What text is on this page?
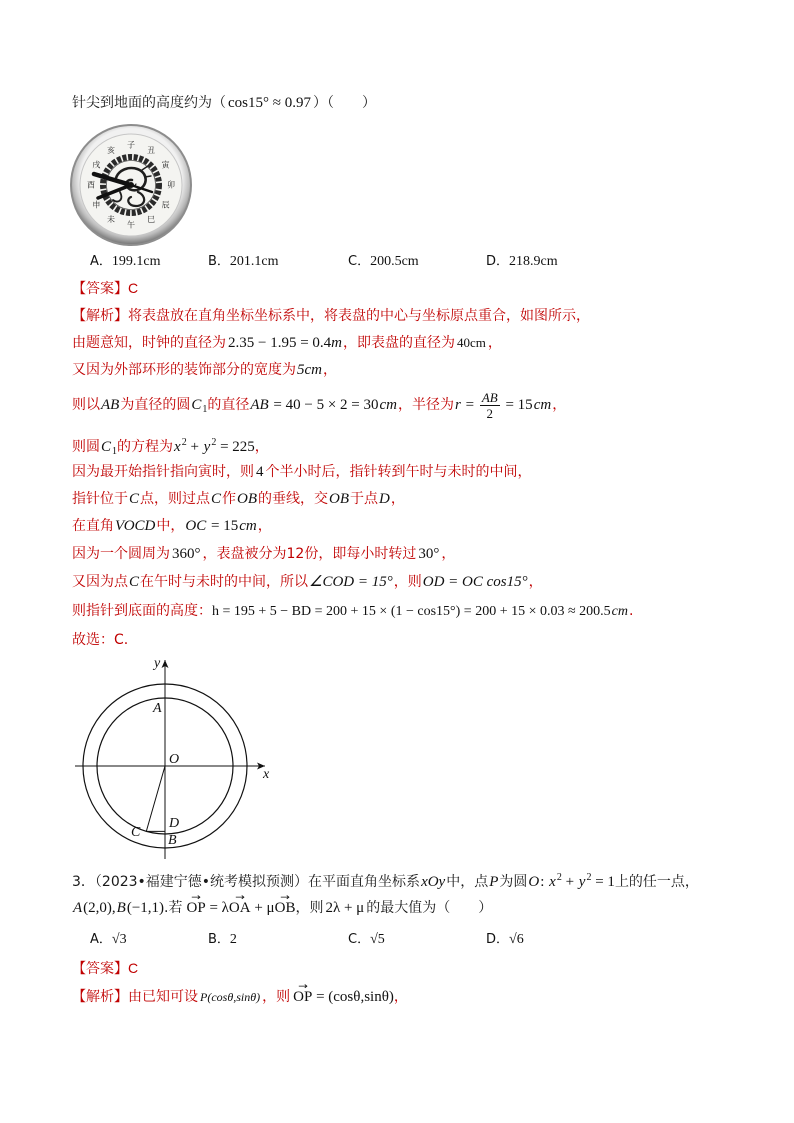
针尖到地面的高度约为（ cos15° ≈ 0.97 ）（　　）
子
丑
寅
卯
辰
巳
午
未
申
酉
戌
亥
A．199.1cm	B．201.1cm	C．200.5cm	D．218.9cm
【答案】C
【解析】将表盘放在直角坐标坐标系中，将表盘的中心与坐标原点重合，如图所示，
由题意知，时钟的直径为 2.35 − 1.95 = 0.4m，即表盘的直径为 40cm ，
又因为外部环形的装饰部分的宽度为5cm，
则以AB为直径的圆$C_1$的直径AB = 40 − 5 × 2 = 30cm，半径为$r = \frac{AB}{2} = 15cm$，
则圆$C_1$的方程为$x^2 + y^2 = 225$，
因为最开始指针指向寅时，则 4 个半小时后，指针转到午时与未时的中间，
指针位于C点，则过点C作OB的垂线，交OB于点D，
在直角VOCD中，OC = 15cm，
因为一个圆周为 360° ，表盘被分为12份，即每小时转过 30° ，
又因为点C在午时与未时的中间，所以∠COD = 15°，则OD = OC cos15°，
则指针到底面的高度：h = 195 + 5 − BD = 200 + 15 × (1 − cos15°) = 200 + 15 × 0.03 ≈ 200.5cm.
故选：C.
y
x
A
O
C
D
B
3．（2023•福建宁德•统考模拟预测）在平面直角坐标系xOy中，点P为圆O: $x^2 + y^2 = 1$上的任一点，
A(2,0),B(−1,1).若 → OP = λ→ OA + μ→ OB，则 2λ + μ 的最大值为（　　）
A．√3	B．2	C．√5	D．√6
【答案】C
【解析】由已知可设 P(cosθ,sinθ) ，则 → OP = (cosθ,sinθ)，
